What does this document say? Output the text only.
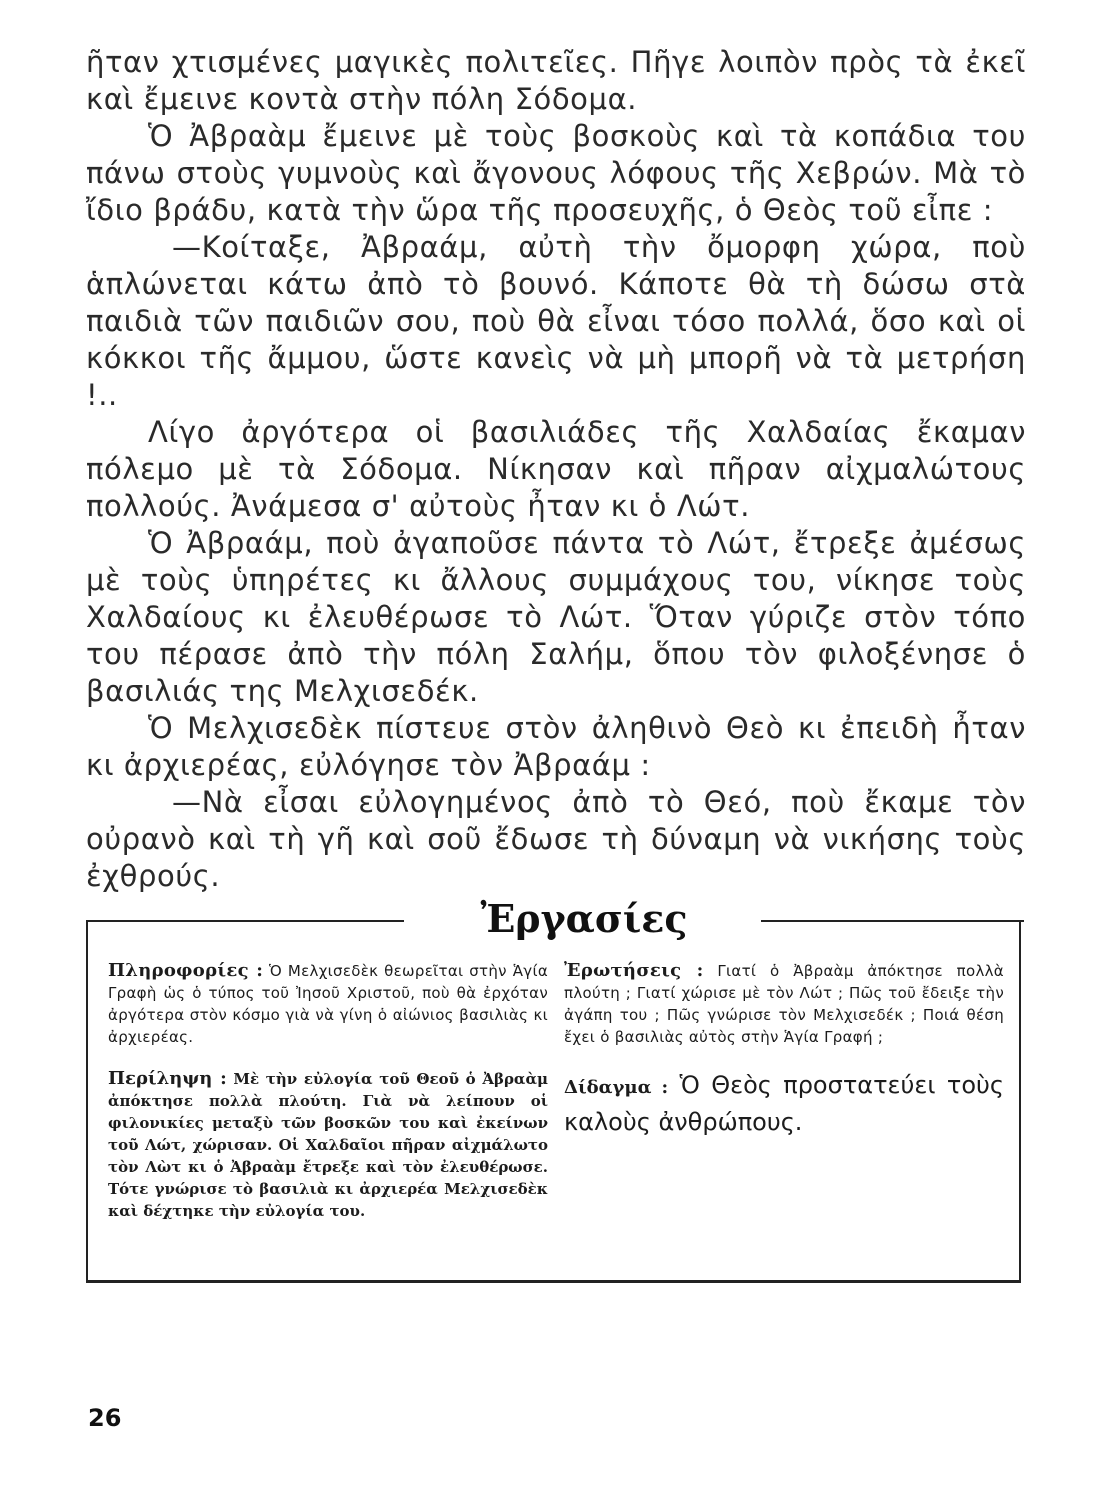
ῆταν χτισμένες μαγικὲς πολιτεῖες. Πῆγε λοιπὸν πρὸς τὰ ἐκεῖ καὶ ἔμεινε κοντὰ στὴν πόλη Σόδομα.

Ὁ Ἀβραὰμ ἔμεινε μὲ τοὺς βοσκοὺς καὶ τὰ κοπάδια του πάνω στοὺς γυμνοὺς καὶ ἄγονους λόφους τῆς Χεβρών. Μὰ τὸ ἴδιο βράδυ, κατὰ τὴν ὥρα τῆς προσευχῆς, ὁ Θεὸς τοῦ εἶπε :

—Κοίταξε, Ἀβραάμ, αὐτὴ τὴν ὄμορφη χώρα, ποὺ ἁπλώνεται κάτω ἀπὸ τὸ βουνό. Κάποτε θὰ τὴ δώσω στὰ παιδιὰ τῶν παιδιῶν σου, ποὺ θὰ εἶναι τόσο πολλά, ὅσο καὶ οἱ κόκκοι τῆς ἄμμου, ὥστε κανεὶς νὰ μὴ μπορῆ νὰ τὰ μετρήση !..

Λίγο ἀργότερα οἱ βασιλιάδες τῆς Χαλδαίας ἔκαμαν πόλεμο μὲ τὰ Σόδομα. Νίκησαν καὶ πῆραν αἰχμαλώτους πολλούς. Ἀνάμεσα σ' αὐτοὺς ἦταν κι ὁ Λώτ.

Ὁ Ἀβραάμ, ποὺ ἀγαποῦσε πάντα τὸ Λώτ, ἔτρεξε ἀμέσως μὲ τοὺς ὑπηρέτες κι ἄλλους συμμάχους του, νίκησε τοὺς Χαλδαίους κι ἐλευθέρωσε τὸ Λώτ. Ὅταν γύριζε στὸν τόπο του πέρασε ἀπὸ τὴν πόλη Σαλήμ, ὅπου τὸν φιλοξένησε ὁ βασιλιάς της Μελχισεδέκ.

Ὁ Μελχισεδὲκ πίστευε στὸν ἀληθινὸ Θεὸ κι ἐπειδὴ ἦταν κι ἀρχιερέας, εὐλόγησε τὸν Ἀβραάμ :

—Νὰ εἶσαι εὐλογημένος ἀπὸ τὸ Θεό, ποὺ ἔκαμε τὸν οὐρανὸ καὶ τὴ γῆ καὶ σοῦ ἔδωσε τὴ δύναμη νὰ νικήσης τοὺς ἐχθρούς.

Ἐργασίες
Πληροφορίες : Ὁ Μελχισεδὲκ θεωρεῖται στὴν Ἁγία Γραφὴ ὡς ὁ τύπος τοῦ Ἰησοῦ Χριστοῦ, ποὺ θὰ ἐρχόταν ἀργότερα στὸν κόσμο γιὰ νὰ γίνη ὁ αἰώνιος βασιλιὰς κι ἀρχιερέας.
Περίληψη : Μὲ τὴν εὐλογία τοῦ Θεοῦ ὁ Ἀβραὰμ ἀπόκτησε πολλὰ πλούτη. Γιὰ νὰ λείπουν οἱ φιλονικίες μεταξὺ τῶν βοσκῶν του καὶ ἐκείνων τοῦ Λώτ, χώρισαν. Οἱ Χαλδαῖοι πῆραν αἰχμάλωτο τὸν Λὼτ κι ὁ Ἀβραὰμ ἔτρεξε καὶ τὸν ἐλευθέρωσε. Τότε γνώρισε τὸ βασιλιὰ κι ἀρχιερέα Μελχισεδὲκ καὶ δέχτηκε τὴν εὐλογία του.
Ἐρωτήσεις : Γιατί ὁ Ἀβραὰμ ἀπόκτησε πολλὰ πλούτη ; Γιατί χώρισε μὲ τὸν Λώτ ; Πῶς τοῦ ἔδειξε τὴν ἀγάπη του ; Πῶς γνώρισε τὸν Μελχισεδέκ ; Ποιά θέση ἔχει ὁ βασιλιὰς αὐτὸς στὴν Ἁγία Γραφή ;
Δίδαγμα : Ὁ Θεὸς προστατεύει τοὺς καλοὺς ἀνθρώπους.
26
